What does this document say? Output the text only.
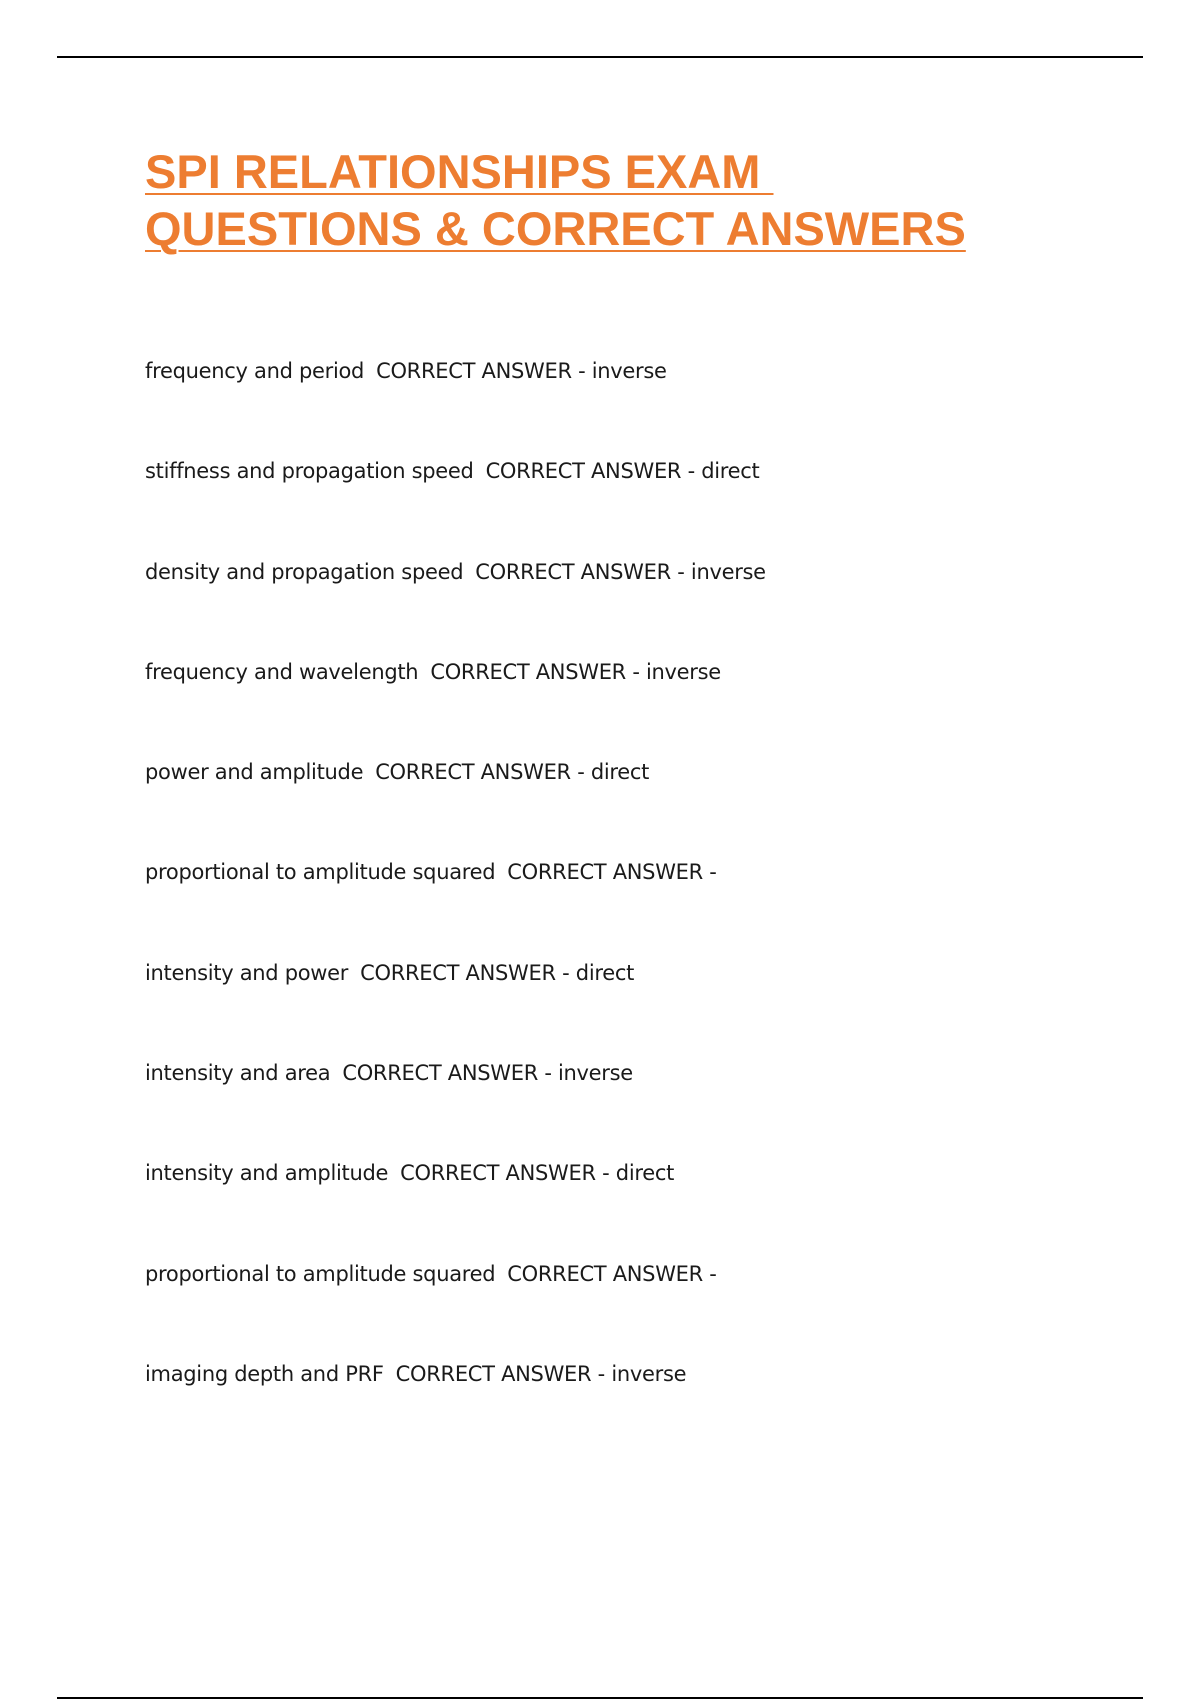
SPI RELATIONSHIPS EXAM
QUESTIONS & CORRECT ANSWERS
frequency and period CORRECT ANSWER - inverse
stiffness and propagation speed CORRECT ANSWER - direct
density and propagation speed CORRECT ANSWER - inverse
frequency and wavelength CORRECT ANSWER - inverse
power and amplitude CORRECT ANSWER - direct
proportional to amplitude squared CORRECT ANSWER -
intensity and power CORRECT ANSWER - direct
intensity and area CORRECT ANSWER - inverse
intensity and amplitude CORRECT ANSWER - direct
proportional to amplitude squared CORRECT ANSWER -
imaging depth and PRF CORRECT ANSWER - inverse
